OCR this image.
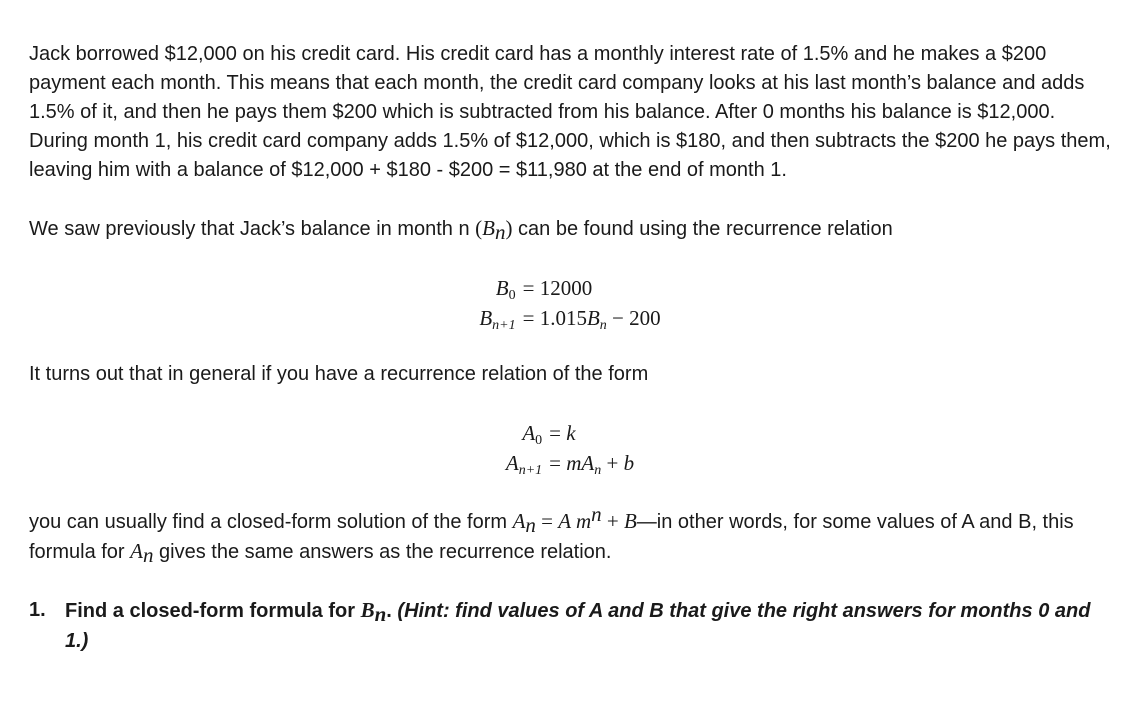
Jack borrowed $12,000 on his credit card. His credit card has a monthly interest rate of 1.5% and he makes a $200 payment each month. This means that each month, the credit card company looks at his last month’s balance and adds 1.5% of it, and then he pays them $200 which is subtracted from his balance. After 0 months his balance is $12,000. During month 1, his credit card company adds 1.5% of $12,000, which is $180, and then subtracts the $200 he pays them, leaving him with a balance of $12,000 + $180 - $200 = $11,980 at the end of month 1.

We saw previously that Jack’s balance in month n $(B_n)$ can be found using the recurrence relation

$B_0 = 12000$
$B_{n+1} = 1.015B_n - 200$

It turns out that in general if you have a recurrence relation of the form

$A_0 = k$
$A_{n+1} = mA_n + b$

you can usually find a closed-form solution of the form $A_n = A$ $m^n$ + B—in other words, for some values of A and B, this formula for $A_n$ gives the same answers as the recurrence relation.

1. Find a closed-form formula for $B_n$. (Hint: find values of A and B that give the right answers for months 0 and 1.)
